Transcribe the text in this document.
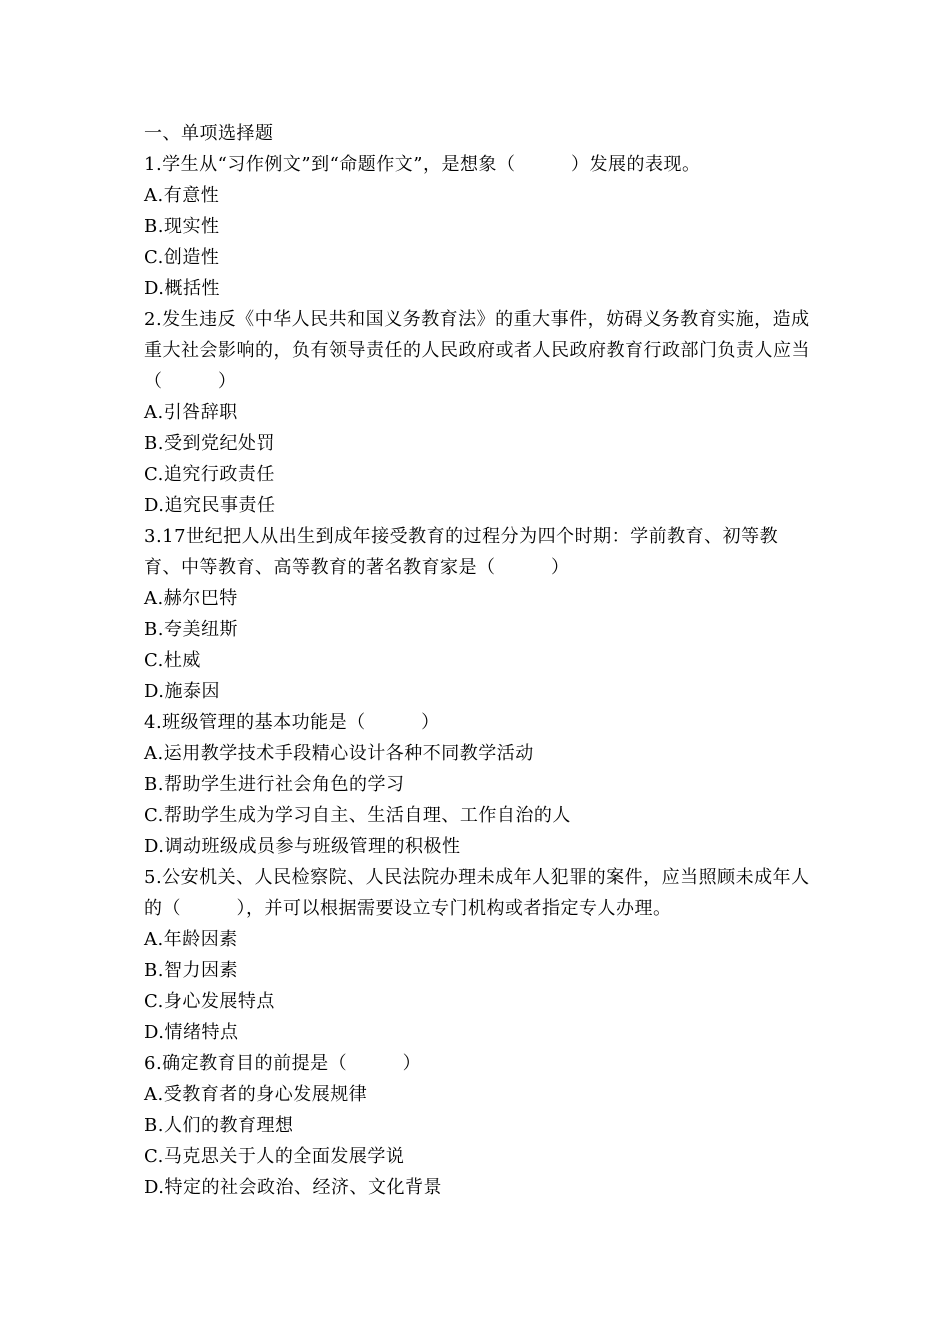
一、单项选择题
1.学生从“习作例文”到“命题作文”，是想象（　　　）发展的表现。
A.有意性
B.现实性
C.创造性
D.概括性
2.发生违反《中华人民共和国义务教育法》的重大事件，妨碍义务教育实施，造成重大社会影响的，负有领导责任的人民政府或者人民政府教育行政部门负责人应当（　　　）
A.引咎辞职
B.受到党纪处罚
C.追究行政责任
D.追究民事责任
3.17世纪把人从出生到成年接受教育的过程分为四个时期：学前教育、初等教育、中等教育、高等教育的著名教育家是（　　　）
A.赫尔巴特
B.夸美纽斯
C.杜威
D.施泰因
4.班级管理的基本功能是（　　　）
A.运用教学技术手段精心设计各种不同教学活动
B.帮助学生进行社会角色的学习
C.帮助学生成为学习自主、生活自理、工作自治的人
D.调动班级成员参与班级管理的积极性
5.公安机关、人民检察院、人民法院办理未成年人犯罪的案件，应当照顾未成年人的（　　　），并可以根据需要设立专门机构或者指定专人办理。
A.年龄因素
B.智力因素
C.身心发展特点
D.情绪特点
6.确定教育目的前提是（　　　）
A.受教育者的身心发展规律
B.人们的教育理想
C.马克思关于人的全面发展学说
D.特定的社会政治、经济、文化背景
